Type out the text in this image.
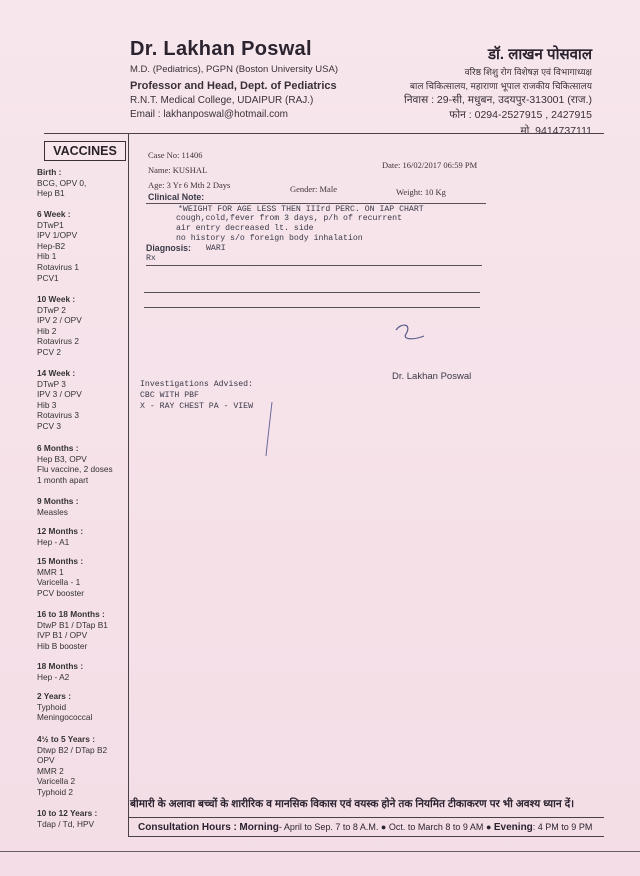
Dr. Lakhan Poswal
M.D. (Pediatrics), PGPN (Boston University USA)
Professor and Head, Dept. of Pediatrics
R.N.T. Medical College, UDAIPUR (RAJ.)
Email : lakhanposwal@hotmail.com
डॉ. लाखन पोसवाल
वरिष्ठ शिशु रोग विशेषज्ञ एवं विभागाध्यक्ष
बाल चिकित्सालय, महाराणा भूपाल राजकीय चिकित्सालय
निवास : 29-सी, मधुबन, उदयपुर-313001 (राज.)
फोन : 0294-2527915 , 2427915
मो. 9414737111
VACCINES
Birth :
BCG, OPV 0,
Hep B1
6 Week :
DTwP1
IPV 1/OPV
Hep-B2
Hib 1
Rotavirus 1
PCV1
10 Week :
DTwP 2
IPV 2 / OPV
Hib 2
Rotavirus 2
PCV 2
14 Week :
DTwP 3
IPV 3 / OPV
Hib 3
Rotavirus 3
PCV 3
6 Months :
Hep B3, OPV
Flu vaccine, 2 doses
1 month apart
9 Months :
Measles
12 Months :
Hep - A1
15 Months :
MMR 1
Varicella - 1
PCV booster
16 to 18 Months :
DtwP B1 / DTap B1
IVP B1 / OPV
Hib B booster
18 Months :
Hep - A2
2 Years :
Typhoid
Meningococcal
4½ to 5 Years :
Dtwp B2 / DTap B2
OPV
MMR 2
Varicella 2
Typhoid 2
10 to 12 Years :
Tdap / Td, HPV
Case No: 11406
Date: 16/02/2017 06:59 PM
Name: KUSHAL
Age: 3 Yr 6 Mth 2 Days	Gender: Male	Weight: 10 Kg
Clinical Note:
*WEIGHT FOR AGE LESS THEN IIIrd PERC. ON IAP CHART
cough,cold,fever from 3 days, p/h of recurrent
air entry decreased lt. side
no history s/o foreign body inhalation
Diagnosis: WARI
Rx
Dr. Lakhan Poswal
Investigations Advised:
CBC WITH PBF
X - RAY CHEST PA - VIEW
बीमारी के अलावा बच्चों के शारीरिक व मानसिक विकास एवं वयस्क होने तक नियमित टीकाकरण पर भी अवश्य ध्यान दें।
Consultation Hours : Morning- April to Sep. 7 to 8 A.M. ● Oct. to March 8 to 9 AM ● Evening: 4 PM to 9 PM
